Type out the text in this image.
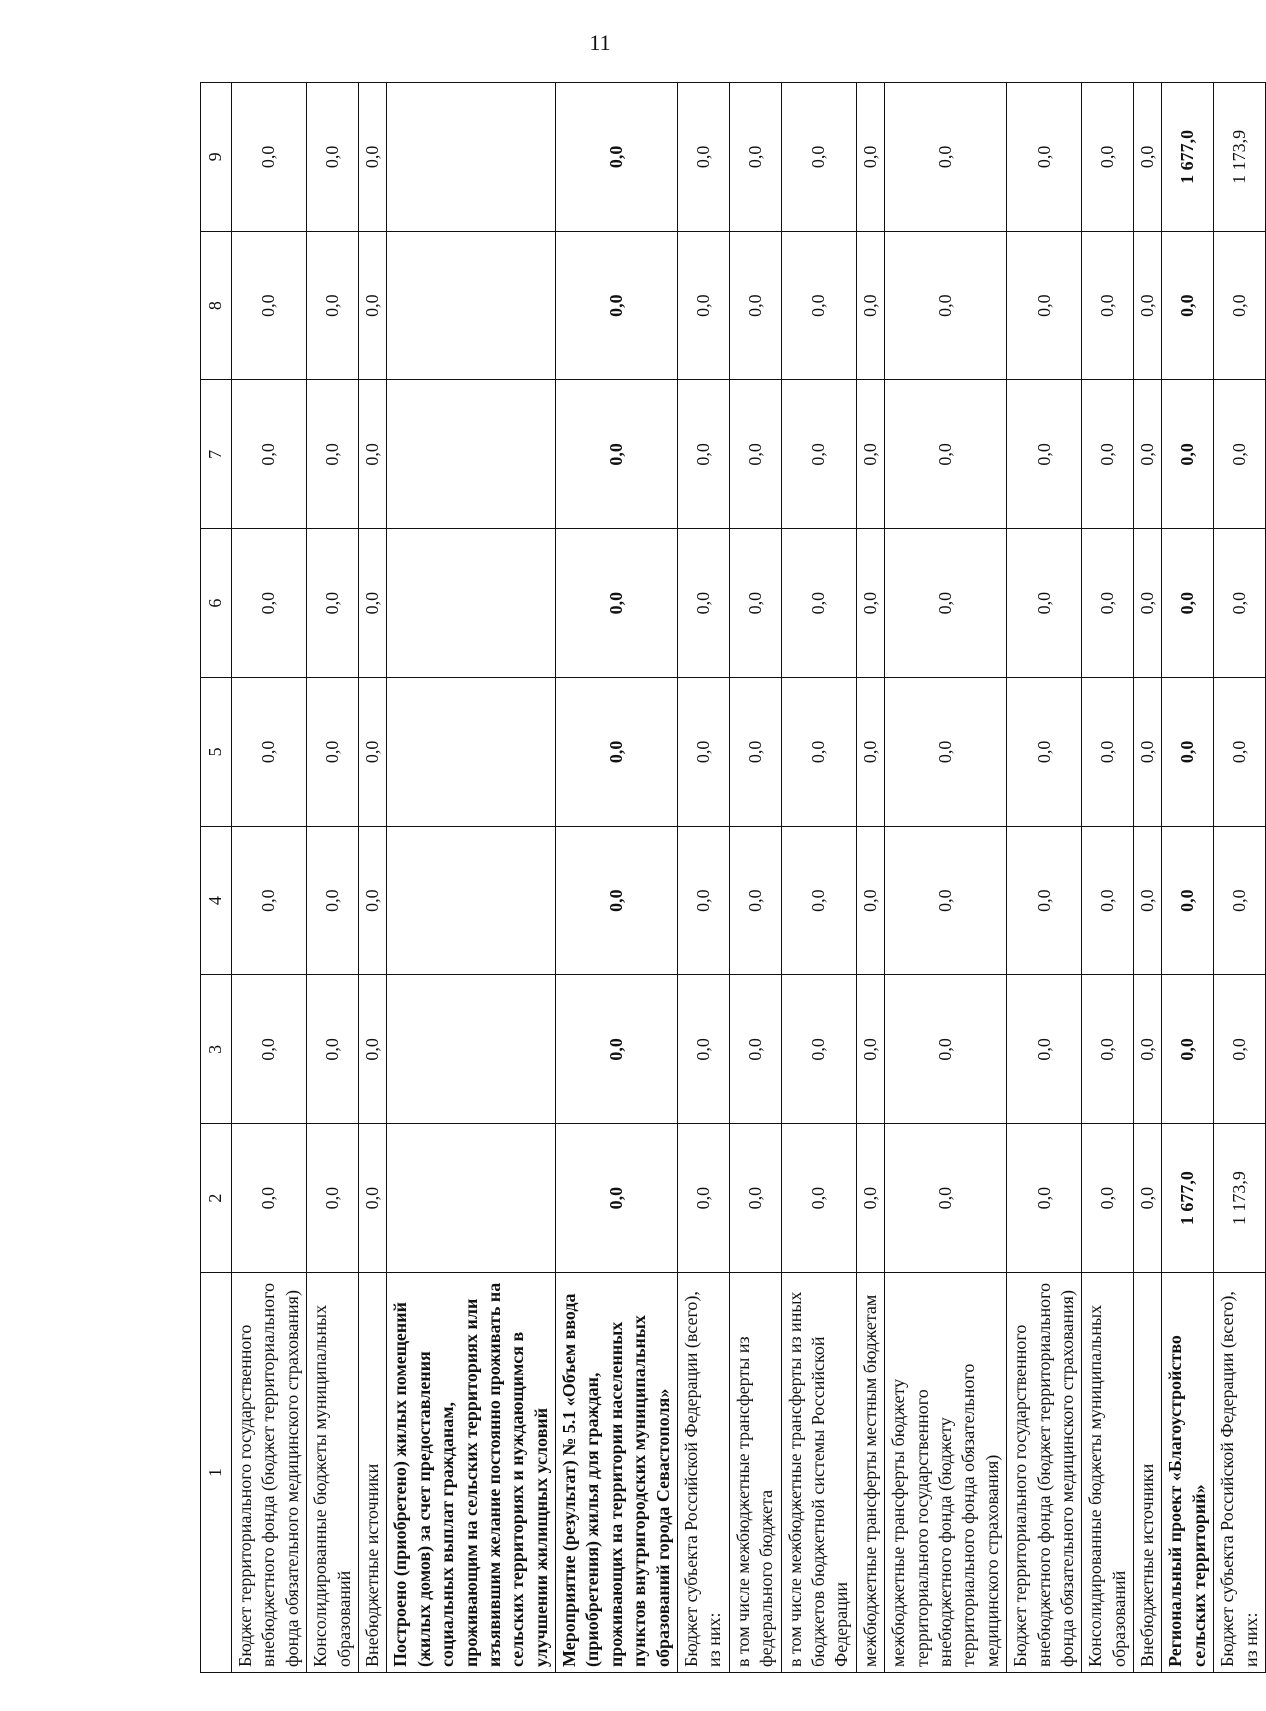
11
1	2	3	4	5	6	7	8	9
Бюджет территориального государственного внебюджетного фонда (бюджет территориального фонда обязательного медицинского страхования)	0,0	0,0	0,0	0,0	0,0	0,0	0,0	0,0
Консолидированные бюджеты муниципальных образований	0,0	0,0	0,0	0,0	0,0	0,0	0,0	0,0
Внебюджетные источники	0,0	0,0	0,0	0,0	0,0	0,0	0,0	0,0
Построено (приобретено) жилых помещений (жилых домов) за счет предоставления социальных выплат гражданам, проживающим на сельских территориях или изъявившим желание постоянно проживать на сельских территориях и нуждающимся в улучшении жилищных условий								
Мероприятие (результат) № 5.1 «Объем ввода (приобретения) жилья для граждан, проживающих на территории населенных пунктов внутригородских муниципальных образований города Севастополя»	0,0	0,0	0,0	0,0	0,0	0,0	0,0	0,0
Бюджет субъекта Российской Федерации (всего), из них:	0,0	0,0	0,0	0,0	0,0	0,0	0,0	0,0
в том числе межбюджетные трансферты из федерального бюджета	0,0	0,0	0,0	0,0	0,0	0,0	0,0	0,0
в том числе межбюджетные трансферты из иных бюджетов бюджетной системы Российской Федерации	0,0	0,0	0,0	0,0	0,0	0,0	0,0	0,0
межбюджетные трансферты местным бюджетам	0,0	0,0	0,0	0,0	0,0	0,0	0,0	0,0
межбюджетные трансферты бюджету территориального государственного внебюджетного фонда (бюджету территориального фонда обязательного медицинского страхования)	0,0	0,0	0,0	0,0	0,0	0,0	0,0	0,0
Бюджет территориального государственного внебюджетного фонда (бюджет территориального фонда обязательного медицинского страхования)	0,0	0,0	0,0	0,0	0,0	0,0	0,0	0,0
Консолидированные бюджеты муниципальных образований	0,0	0,0	0,0	0,0	0,0	0,0	0,0	0,0
Внебюджетные источники	0,0	0,0	0,0	0,0	0,0	0,0	0,0	0,0
Региональный проект «Благоустройство сельских территорий»	1 677,0	0,0	0,0	0,0	0,0	0,0	0,0	1 677,0
Бюджет субъекта Российской Федерации (всего), из них:	1 173,9	0,0	0,0	0,0	0,0	0,0	0,0	1 173,9
